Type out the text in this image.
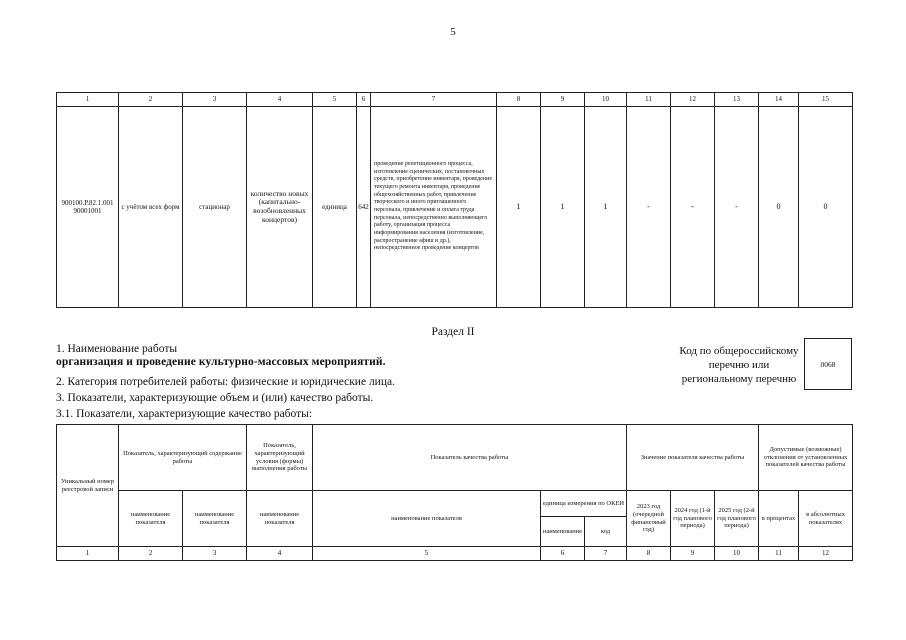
5
1	2	3	4	5	6	7	8	9	10	11	12	13	14	15
900100.Р.82.1.001 90001001	с учётом всех форм	стационар	количество новых (капитально-возобновленных концертов)	единица	642	проведение репетиционного процесса, изготовление сценических, постановочных средств, приобретение инвентаря, проведение текущего ремонта инвентаря, проведение общехозяйственных работ, привлечение творческого и иного приглашенного персонала, привлечение и оплата труда персонала, непосредственно выполняющего работу, организация процесса информирования населения (изготовление, распространение афиш и др.), непосредственное проведение концертов	1	1	1	-	-	-	0	0
Раздел II
1. Наименование работы
организация и проведение культурно-массовых мероприятий.
2. Категория потребителей работы: физические и юридические лица.
3. Показатели, характеризующие объем и (или) качество работы.
3.1. Показатели, характеризующие качество работы:
Код по общероссийскому перечню или региональному перечню
0068
Уникальный номер реестровой записи	Показатель, характеризующий содержание работы		Показатель, характеризующий условия (формы) выполнения работы	Показатель качества работы			Значение показателя качества работы			Допустимые (возможные) отклонения от установленных показателей качества работы	
	наименование показателя	наименование показателя	наименование показателя	наименование показателя	единица измерения по ОКЕИ		2023 год (очередной финансовый год)	2024 год (1-й год планового периода)	2025 год (2-й год планового периода)	в процентах	в абсолютных показателях
					наименование	код					
1	2	3	4	5	6	7	8	9	10	11	12
